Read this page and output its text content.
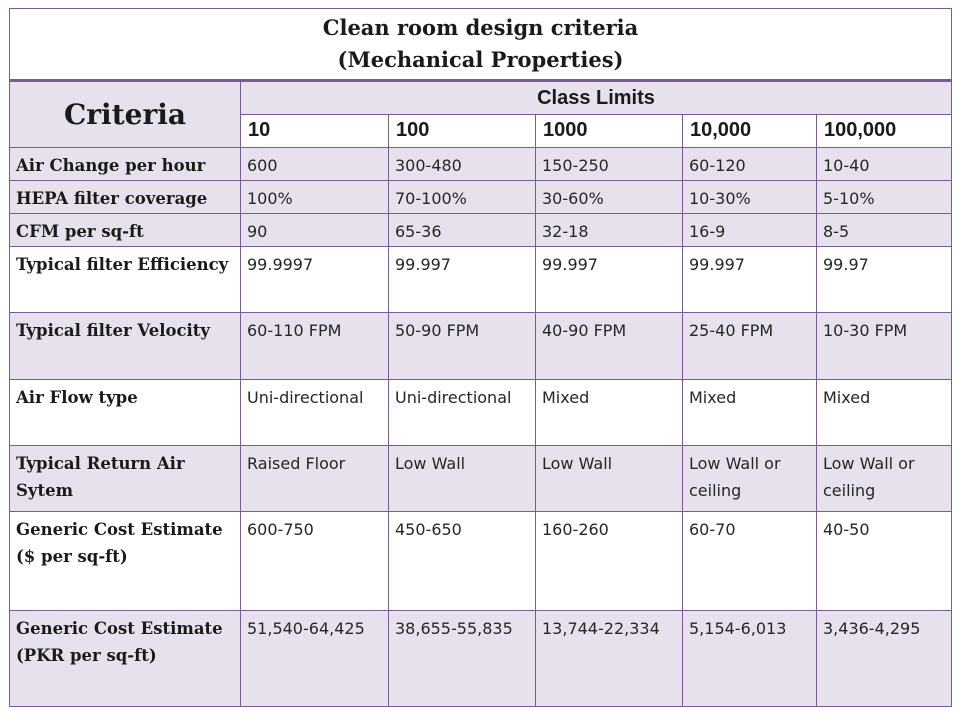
Clean room design criteria
(Mechanical Properties)					

Criteria	Class Limits				
	10	100	1000	10,000	100,000
Air Change per hour	600	300-480	150-250	60-120	10-40
HEPA filter coverage	100%	70-100%	30-60%	10-30%	5-10%
CFM per sq-ft	90	65-36	32-18	16-9	8-5
Typical filter Efficiency	99.9997	99.997	99.997	99.997	99.97
Typical filter Velocity	60-110 FPM	50-90 FPM	40-90 FPM	25-40 FPM	10-30 FPM
Air Flow type	Uni-directional	Uni-directional	Mixed	Mixed	Mixed
Typical Return Air Sytem	Raised Floor	Low Wall	Low Wall	Low Wall or ceiling	Low Wall or ceiling
Generic Cost Estimate ($ per sq-ft)	600-750	450-650	160-260	60-70	40-50
Generic Cost Estimate (PKR per sq-ft)	51,540-64,425	38,655-55,835	13,744-22,334	5,154-6,013	3,436-4,295
